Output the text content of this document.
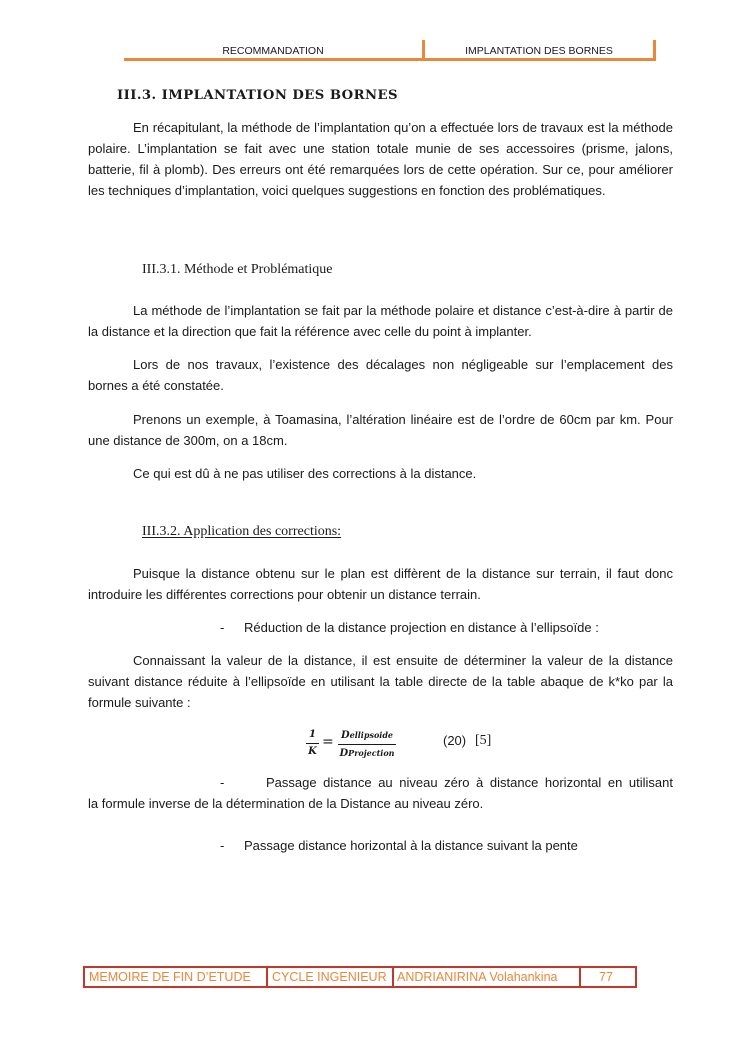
RECOMMANDATION	IMPLANTATION DES BORNES
III.3. IMPLANTATION DES BORNES

En récapitulant, la méthode de l’implantation qu’on a effectuée lors de travaux est la méthode polaire. L’implantation se fait avec une station totale munie de ses accessoires (prisme, jalons, batterie, fil à plomb). Des erreurs ont été remarquées lors de cette opération. Sur ce, pour améliorer les techniques d’implantation, voici quelques suggestions en fonction des problématiques.

III.3.1. Méthode et Problématique

La méthode de l’implantation se fait par la méthode polaire et distance c’est-à-dire à partir de la distance et la direction que fait la référence avec celle du point à implanter.

Lors de nos travaux, l’existence des décalages non négligeable sur l’emplacement des bornes a été constatée.

Prenons un exemple, à Toamasina, l’altération linéaire est de l’ordre de 60cm par km. Pour une distance de 300m, on a 18cm.

Ce qui est dû à ne pas utiliser des corrections à la distance.

III.3.2. Application des corrections:

Puisque la distance obtenu sur le plan est diffèrent de la distance sur terrain, il faut donc introduire les différentes corrections pour obtenir un distance terrain.

- Réduction de la distance projection en distance à l’ellipsoïde :

Connaissant la valeur de la distance, il est ensuite de déterminer la valeur de la distance suivant distance réduite à l’ellipsoïde en utilisant la table directe de la table abaque de k*ko par la formule suivante :

1
K
= Dellipsoide
DProjection
(20) [5]
-	Passage distance au niveau zéro à distance horizontal en utilisant

la formule inverse de la détermination de la Distance au niveau zéro.

- Passage distance horizontal à la distance suivant la pente
MEMOIRE DE FIN D’ETUDE	CYCLE INGENIEUR ANDRIANIRINA Volahankina	77
